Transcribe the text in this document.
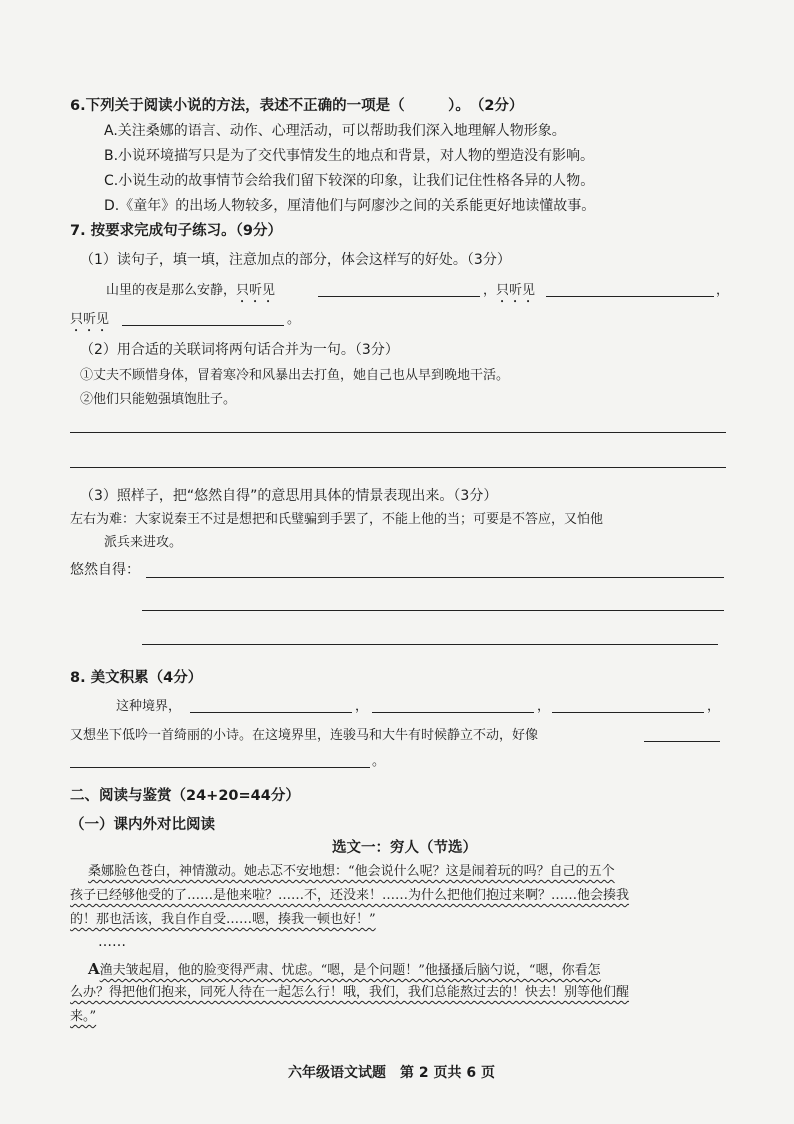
6.下列关于阅读小说的方法，表述不正确的一项是（　　　）。　（2分）
A.关注桑娜的语言、动作、心理活动，可以帮助我们深入地理解人物形象。
B.小说环境描写只是为了交代事情发生的地点和背景，对人物的塑造没有影响。
C.小说生动的故事情节会给我们留下较深的印象，让我们记住性格各异的人物。
D.《童年》的出场人物较多，厘清他们与阿廖沙之间的关系能更好地读懂故事。
7. 按要求完成句子练习。（9分）
（1）读句子，填一填，注意加点的部分，体会这样写的好处。（3分）
山里的夜是那么安静，只听见	，只听见	，
只听见	。
（2）用合适的关联词将两句话合并为一句。（3分）
①丈夫不顾惜身体，冒着寒冷和风暴出去打鱼，她自己也从早到晚地干活。
②他们只能勉强填饱肚子。
（3）照样子，把“悠然自得”的意思用具体的情景表现出来。（3分）
左右为难：大家说秦王不过是想把和氏璧骗到手罢了，不能上他的当；可要是不答应，又怕他
派兵来进攻。
悠然自得：
8. 美文积累（4分）
这种境界，	，	，	，
又想坐下低吟一首绮丽的小诗。在这境界里，连骏马和大牛有时候静立不动，好像
。
二、阅读与鉴赏（24+20=44分）
（一）课内外对比阅读
选文一：穷人（节选）
桑娜脸色苍白，神情激动。她忐忑不安地想：“他会说什么呢？这是闹着玩的吗？自己的五个
孩子已经够他受的了……是他来啦？……不，还没来！……为什么把他们抱过来啊？……他会揍我
的！那也活该，我自作自受……嗯，揍我一顿也好！”
……
A渔夫皱起眉，他的脸变得严肃、忧虑。“嗯，是个问题！”他搔搔后脑勺说，“嗯，你看怎
么办？得把他们抱来，同死人待在一起怎么行！哦，我们，我们总能熬过去的！快去！别等他们醒
来。”
六年级语文试题　第 2 页共 6 页
